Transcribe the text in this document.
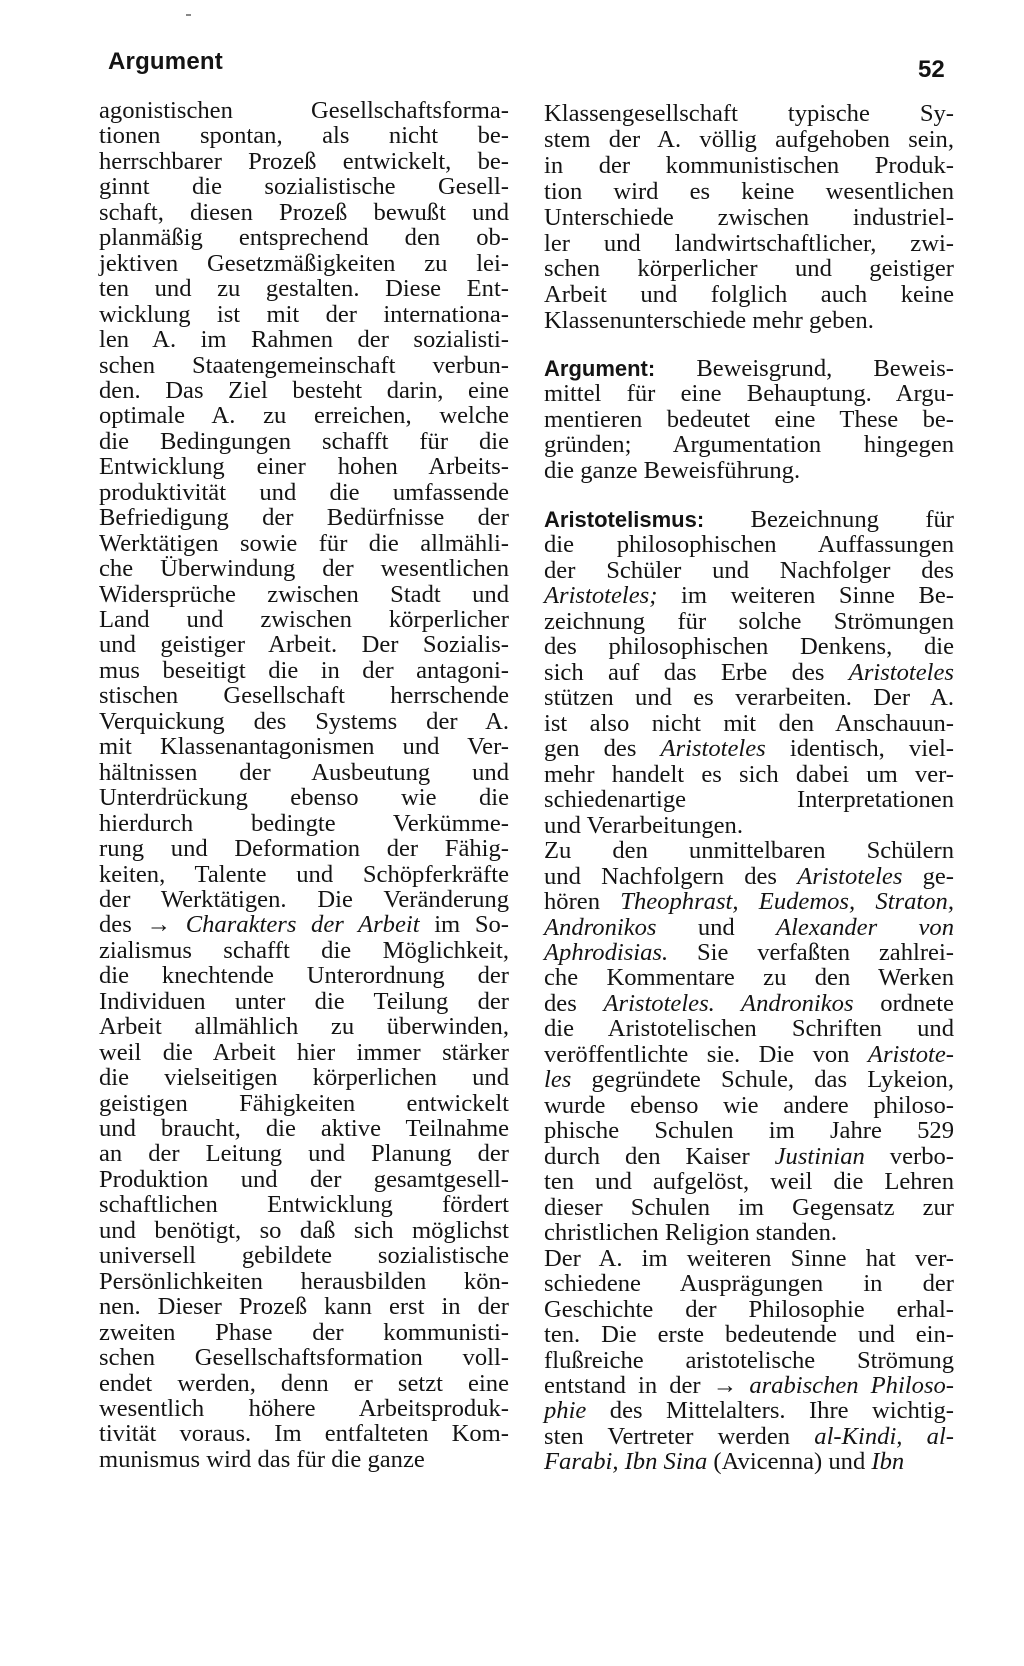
Argument	52
agonistischen Gesellschaftsforma-
tionen spontan, als nicht be-
herrschbarer Prozeß entwickelt, be-
ginnt die sozialistische Gesell-
schaft, diesen Prozeß bewußt und
planmäßig entsprechend den ob-
jektiven Gesetzmäßigkeiten zu lei-
ten und zu gestalten. Diese Ent-
wicklung ist mit der internationa-
len A. im Rahmen der sozialisti-
schen Staatengemeinschaft verbun-
den. Das Ziel besteht darin, eine
optimale A. zu erreichen, welche
die Bedingungen schafft für die
Entwicklung einer hohen Arbeits-
produktivität und die umfassende
Befriedigung der Bedürfnisse der
Werktätigen sowie für die allmähli-
che Überwindung der wesentlichen
Widersprüche zwischen Stadt und
Land und zwischen körperlicher
und geistiger Arbeit. Der Sozialis-
mus beseitigt die in der antagoni-
stischen Gesellschaft herrschende
Verquickung des Systems der A.
mit Klassenantagonismen und Ver-
hältnissen der Ausbeutung und
Unterdrückung ebenso wie die
hierdurch bedingte Verkümme-
rung und Deformation der Fähig-
keiten, Talente und Schöpferkräfte
der Werktätigen. Die Veränderung
des → Charakters der Arbeit im So-
zialismus schafft die Möglichkeit,
die knechtende Unterordnung der
Individuen unter die Teilung der
Arbeit allmählich zu überwinden,
weil die Arbeit hier immer stärker
die vielseitigen körperlichen und
geistigen Fähigkeiten entwickelt
und braucht, die aktive Teilnahme
an der Leitung und Planung der
Produktion und der gesamtgesell-
schaftlichen Entwicklung fördert
und benötigt, so daß sich möglichst
universell gebildete sozialistische
Persönlichkeiten herausbilden kön-
nen. Dieser Prozeß kann erst in der
zweiten Phase der kommunisti-
schen Gesellschaftsformation voll-
endet werden, denn er setzt eine
wesentlich höhere Arbeitsproduk-
tivität voraus. Im entfalteten Kom-
munismus wird das für die ganze
Klassengesellschaft typische Sy-
stem der A. völlig aufgehoben sein,
in der kommunistischen Produk-
tion wird es keine wesentlichen
Unterschiede zwischen industriel-
ler und landwirtschaftlicher, zwi-
schen körperlicher und geistiger
Arbeit und folglich auch keine
Klassenunterschiede mehr geben.
Argument: Beweisgrund, Beweis-
mittel für eine Behauptung. Argu-
mentieren bedeutet eine These be-
gründen; Argumentation hingegen
die ganze Beweisführung.
Aristotelismus: Bezeichnung für
die philosophischen Auffassungen
der Schüler und Nachfolger des
Aristoteles; im weiteren Sinne Be-
zeichnung für solche Strömungen
des philosophischen Denkens, die
sich auf das Erbe des Aristoteles
stützen und es verarbeiten. Der A.
ist also nicht mit den Anschauun-
gen des Aristoteles identisch, viel-
mehr handelt es sich dabei um ver-
schiedenartige Interpretationen
und Verarbeitungen.
Zu den unmittelbaren Schülern
und Nachfolgern des Aristoteles ge-
hören Theophrast, Eudemos, Straton,
Andronikos und Alexander von
Aphrodisias. Sie verfaßten zahlrei-
che Kommentare zu den Werken
des Aristoteles. Andronikos ordnete
die Aristotelischen Schriften und
veröffentlichte sie. Die von Aristote-
les gegründete Schule, das Lykeion,
wurde ebenso wie andere philoso-
phische Schulen im Jahre 529
durch den Kaiser Justinian verbo-
ten und aufgelöst, weil die Lehren
dieser Schulen im Gegensatz zur
christlichen Religion standen.
Der A. im weiteren Sinne hat ver-
schiedene Ausprägungen in der
Geschichte der Philosophie erhal-
ten. Die erste bedeutende und ein-
flußreiche aristotelische Strömung
entstand in der → arabischen Philoso-
phie des Mittelalters. Ihre wichtig-
sten Vertreter werden al-Kindi, al-
Farabi, Ibn Sina (Avicenna) und Ibn
